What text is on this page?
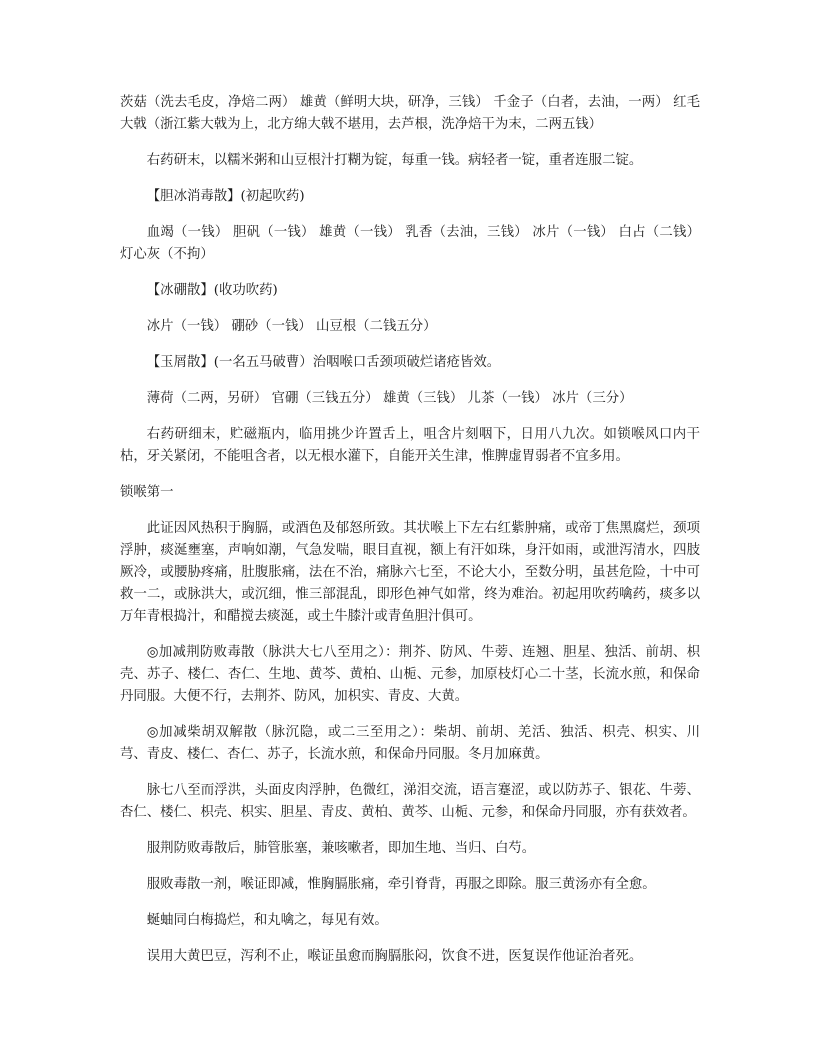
茨菇（洗去毛皮，净焙二两） 雄黄（鲜明大块，研净，三钱） 千金子（白者，去油，一两） 红毛大戟（浙江紫大戟为上，北方绵大戟不堪用，去芦根，洗净焙干为末，二两五钱）

右药研末，以糯米粥和山豆根汁打糊为锭，每重一钱。病轻者一锭，重者连服二锭。

【胆冰消毒散】(初起吹药)

血竭（一钱） 胆矾（一钱） 雄黄（一钱） 乳香（去油，三钱） 冰片（一钱） 白占（二钱） 灯心灰（不拘）

【冰硼散】(收功吹药)

冰片（一钱） 硼砂（一钱） 山豆根（二钱五分）

【玉屑散】(一名五马破曹）治咽喉口舌颈项破烂诸疮皆效。

薄荷（二两，另研） 官硼（三钱五分） 雄黄（三钱） 儿茶（一钱） 冰片（三分）

右药研细末，贮磁瓶内，临用挑少许置舌上，咀含片刻咽下，日用八九次。如锁喉风口内干枯，牙关紧闭，不能咀含者，以无根水灌下，自能开关生津，惟脾虚胃弱者不宜多用。

锁喉第一

此证因风热积于胸膈，或酒色及郁怒所致。其状喉上下左右红紫肿痛，或帝丁焦黑腐烂，颈项浮肿，痰涎壅塞，声响如潮，气急发喘，眼目直视，额上有汗如珠，身汗如雨，或泄泻清水，四肢厥冷，或腰胁疼痛，肚腹胀痛，法在不治，痛脉六七至，不论大小，至数分明，虽甚危险，十中可救一二，或脉洪大，或沉细，惟三部混乱，即形色神气如常，终为难治。初起用吹药噙药，痰多以万年青根捣汁，和醋搅去痰涎，或土牛膝汁或青鱼胆汁俱可。

◎加减荆防败毒散（脉洪大七八至用之）：荆芥、防风、牛蒡、连翘、胆星、独活、前胡、枳壳、苏子、楼仁、杏仁、生地、黄芩、黄柏、山栀、元参，加原枝灯心二十茎，长流水煎，和保命丹同服。大便不行，去荆芥、防风，加枳实、青皮、大黄。

◎加减柴胡双解散（脉沉隐，或二三至用之）：柴胡、前胡、羌活、独活、枳壳、枳实、川芎、青皮、楼仁、杏仁、苏子，长流水煎，和保命丹同服。冬月加麻黄。

脉七八至而浮洪，头面皮肉浮肿，色微红，涕泪交流，语言蹇涩，或以防苏子、银花、牛蒡、杏仁、楼仁、枳壳、枳实、胆星、青皮、黄柏、黄芩、山栀、元参，和保命丹同服，亦有获效者。

服荆防败毒散后，肺管胀塞，兼咳嗽者，即加生地、当归、白芍。

服败毒散一剂，喉证即减，惟胸膈胀痛，牵引脊背，再服之即除。服三黄汤亦有全愈。

蜒蚰同白梅捣烂，和丸噙之，每见有效。

误用大黄巴豆，泻利不止，喉证虽愈而胸膈胀闷，饮食不进，医复误作他证治者死。
